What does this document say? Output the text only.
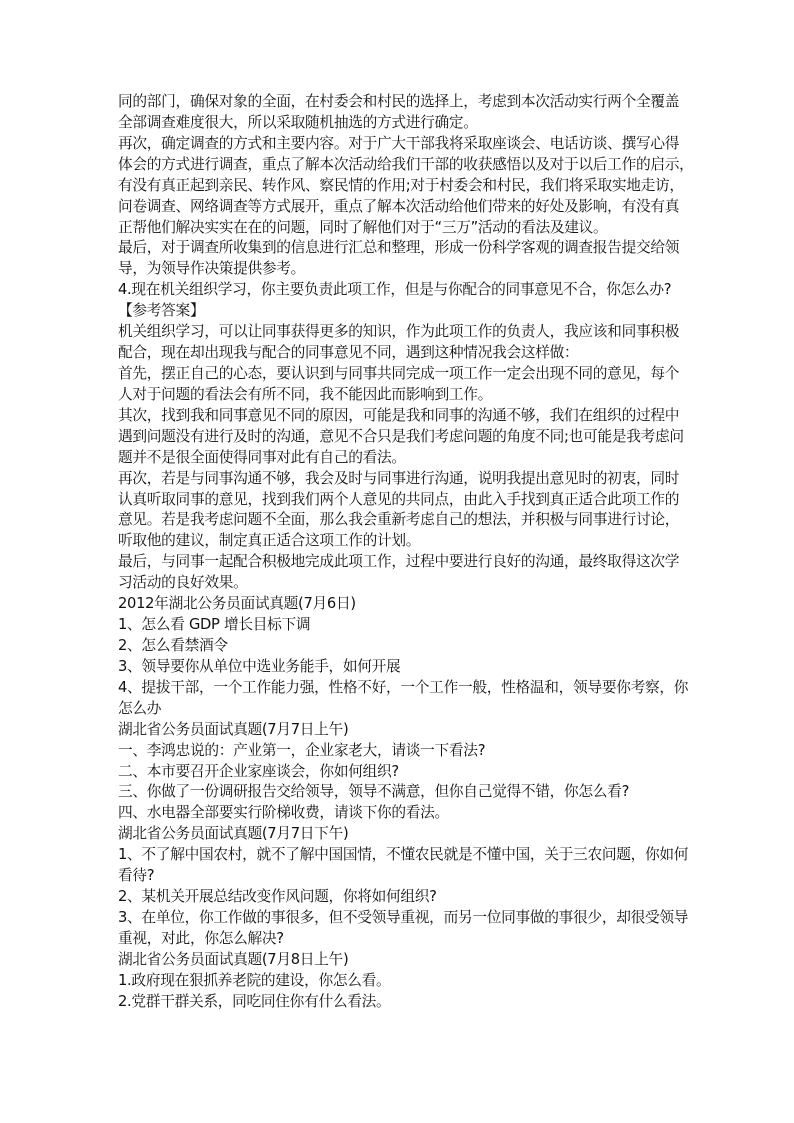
同的部门，确保对象的全面，在村委会和村民的选择上，考虑到本次活动实行两个全覆盖
全部调查难度很大，所以采取随机抽选的方式进行确定。
再次，确定调查的方式和主要内容。对于广大干部我将采取座谈会、电话访谈、撰写心得
体会的方式进行调查，重点了解本次活动给我们干部的收获感悟以及对于以后工作的启示，
有没有真正起到亲民、转作风、察民情的作用;对于村委会和村民，我们将采取实地走访，
问卷调查、网络调查等方式展开，重点了解本次活动给他们带来的好处及影响，有没有真
正帮他们解决实实在在的问题，同时了解他们对于“三万”活动的看法及建议。
最后，对于调查所收集到的信息进行汇总和整理，形成一份科学客观的调查报告提交给领
导，为领导作决策提供参考。
4.现在机关组织学习，你主要负责此项工作，但是与你配合的同事意见不合，你怎么办?
【参考答案】
机关组织学习，可以让同事获得更多的知识，作为此项工作的负责人，我应该和同事积极
配合，现在却出现我与配合的同事意见不同，遇到这种情况我会这样做：
首先，摆正自己的心态，要认识到与同事共同完成一项工作一定会出现不同的意见，每个
人对于问题的看法会有所不同，我不能因此而影响到工作。
其次，找到我和同事意见不同的原因，可能是我和同事的沟通不够，我们在组织的过程中
遇到问题没有进行及时的沟通，意见不合只是我们考虑问题的角度不同;也可能是我考虑问
题并不是很全面使得同事对此有自己的看法。
再次，若是与同事沟通不够，我会及时与同事进行沟通，说明我提出意见时的初衷，同时
认真听取同事的意见，找到我们两个人意见的共同点，由此入手找到真正适合此项工作的
意见。若是我考虑问题不全面，那么我会重新考虑自己的想法，并积极与同事进行讨论，
听取他的建议，制定真正适合这项工作的计划。
最后，与同事一起配合积极地完成此项工作，过程中要进行良好的沟通，最终取得这次学
习活动的良好效果。
2012年湖北公务员面试真题(7月6日)
1、怎么看 GDP 增长目标下调
2、怎么看禁酒令
3、领导要你从单位中选业务能手，如何开展
4、提拔干部，一个工作能力强，性格不好，一个工作一般，性格温和，领导要你考察，你
怎么办
湖北省公务员面试真题(7月7日上午)
一、李鸿忠说的：产业第一，企业家老大，请谈一下看法?
二、本市要召开企业家座谈会，你如何组织?
三、你做了一份调研报告交给领导，领导不满意，但你自己觉得不错，你怎么看?
四、水电器全部要实行阶梯收费，请谈下你的看法。
湖北省公务员面试真题(7月7日下午)
1、不了解中国农村，就不了解中国国情，不懂农民就是不懂中国，关于三农问题，你如何
看待?
2、某机关开展总结改变作风问题，你将如何组织?
3、在单位，你工作做的事很多，但不受领导重视，而另一位同事做的事很少，却很受领导
重视，对此，你怎么解决?
湖北省公务员面试真题(7月8日上午)
1.政府现在狠抓养老院的建设，你怎么看。
2.党群干群关系，同吃同住你有什么看法。
